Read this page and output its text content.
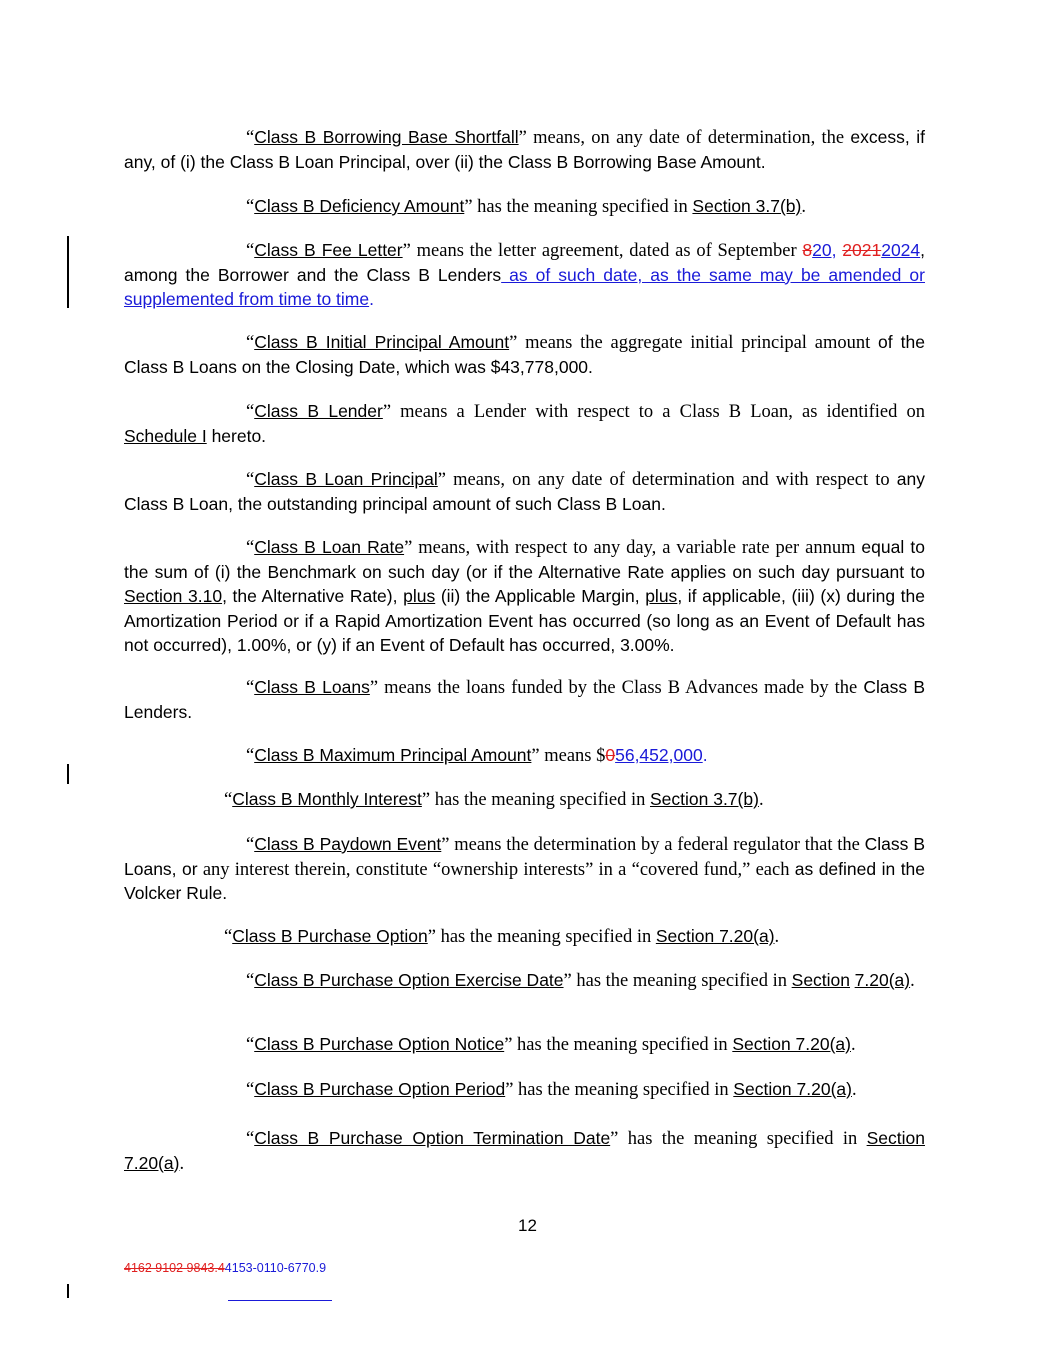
“Class B Borrowing Base Shortfall” means, on any date of determination, the excess, if any, of (i) the Class B Loan Principal, over (ii) the Class B Borrowing Base Amount.
“Class B Deficiency Amount” has the meaning specified in Section 3.7(b).
“Class B Fee Letter” means the letter agreement, dated as of September 820, 20212024, among the Borrower and the Class B Lenders as of such date, as the same may be amended or supplemented from time to time.
“Class B Initial Principal Amount” means the aggregate initial principal amount of the Class B Loans on the Closing Date, which was $43,778,000.
“Class B Lender” means a Lender with respect to a Class B Loan, as identified on Schedule I hereto.
“Class B Loan Principal” means, on any date of determination and with respect to any Class B Loan, the outstanding principal amount of such Class B Loan.
“Class B Loan Rate” means, with respect to any day, a variable rate per annum equal to the sum of (i) the Benchmark on such day (or if the Alternative Rate applies on such day pursuant to Section 3.10, the Alternative Rate), plus (ii) the Applicable Margin, plus, if applicable, (iii) (x) during the Amortization Period or if a Rapid Amortization Event has occurred (so long as an Event of Default has not occurred), 1.00%, or (y) if an Event of Default has occurred, 3.00%.
“Class B Loans” means the loans funded by the Class B Advances made by the Class B Lenders.
“Class B Maximum Principal Amount” means $056,452,000.
“Class B Monthly Interest” has the meaning specified in Section 3.7(b).
“Class B Paydown Event” means the determination by a federal regulator that the Class B Loans, or any interest therein, constitute “ownership interests” in a “covered fund,” each as defined in the Volcker Rule.
“Class B Purchase Option” has the meaning specified in Section 7.20(a).
“Class B Purchase Option Exercise Date” has the meaning specified in Section 7.20(a).
“Class B Purchase Option Notice” has the meaning specified in Section 7.20(a).
“Class B Purchase Option Period” has the meaning specified in Section 7.20(a).
“Class B Purchase Option Termination Date” has the meaning specified in Section 7.20(a).
12
4162 9102 9843.44153-0110-6770.9
